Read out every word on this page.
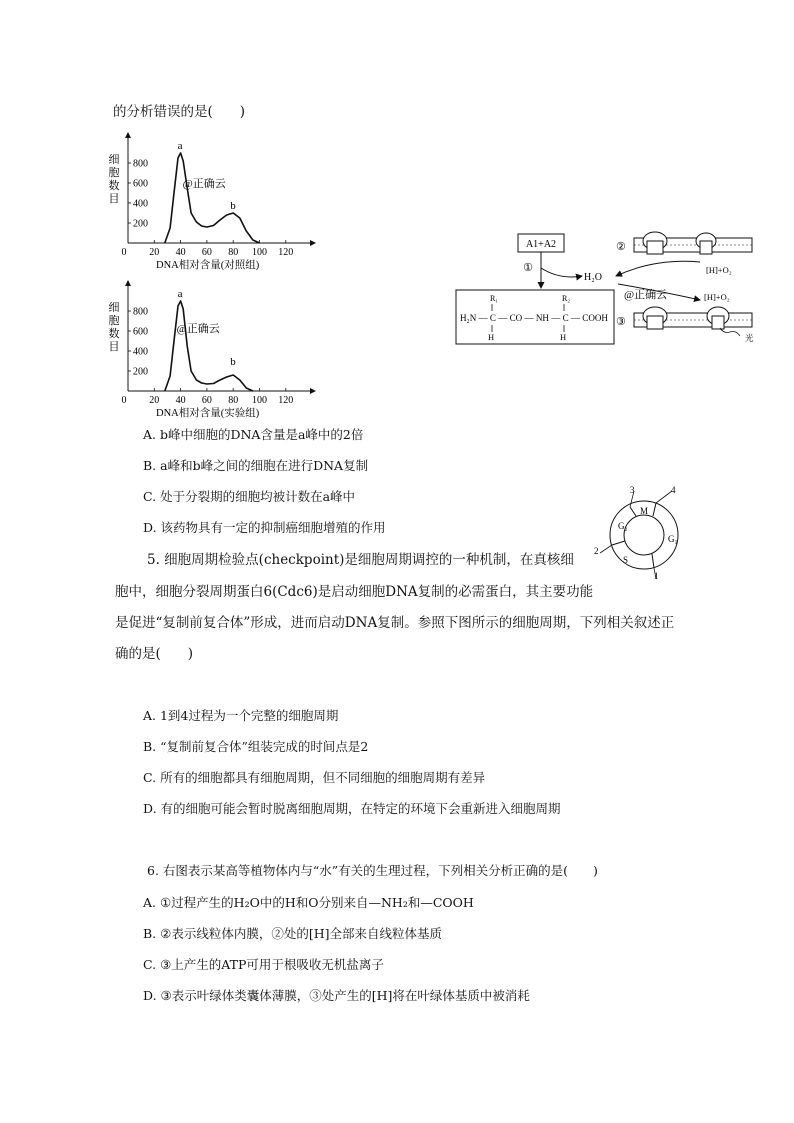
的分析错误的是(　　)
0 20 40 60 80 100 120
200
400
600
800
细
胞
数
目
DNA相对含量(对照组)
a
b
@正确云
0 20 40 60 80 100 120
200
400
600
800
细
胞
数
目
DNA相对含量(实验组)
a
b
@正确云
A1+A2
①
H₂O
R₁	R₂
H₂N — C — CO — NH — C — COOH
H	H
②
[H]+O₂
@正确云	[H]+O₂
③
光
A. b峰中细胞的DNA含量是a峰中的2倍
B. a峰和b峰之间的细胞在进行DNA复制
C. 处于分裂期的细胞均被计数在a峰中
D. 该药物具有一定的抑制癌细胞增殖的作用
M
G₂
S
G₁
1
2
3	4
5. 细胞周期检验点(checkpoint)是细胞周期调控的一种机制，在真核细
胞中，细胞分裂周期蛋白6(Cdc6)是启动细胞DNA复制的必需蛋白，其主要功能
是促进“复制前复合体”形成，进而启动DNA复制。参照下图所示的细胞周期，下列相关叙述正
确的是(　　)
A. 1到4过程为一个完整的细胞周期
B. “复制前复合体”组装完成的时间点是2
C. 所有的细胞都具有细胞周期，但不同细胞的细胞周期有差异
D. 有的细胞可能会暂时脱离细胞周期，在特定的环境下会重新进入细胞周期
6. 右图表示某高等植物体内与“水”有关的生理过程，下列相关分析正确的是(　　)
A. ①过程产生的H₂O中的H和O分别来自—NH₂和—COOH
B. ②表示线粒体内膜，②处的[H]全部来自线粒体基质
C. ③上产生的ATP可用于根吸收无机盐离子
D. ③表示叶绿体类囊体薄膜，③处产生的[H]将在叶绿体基质中被消耗
